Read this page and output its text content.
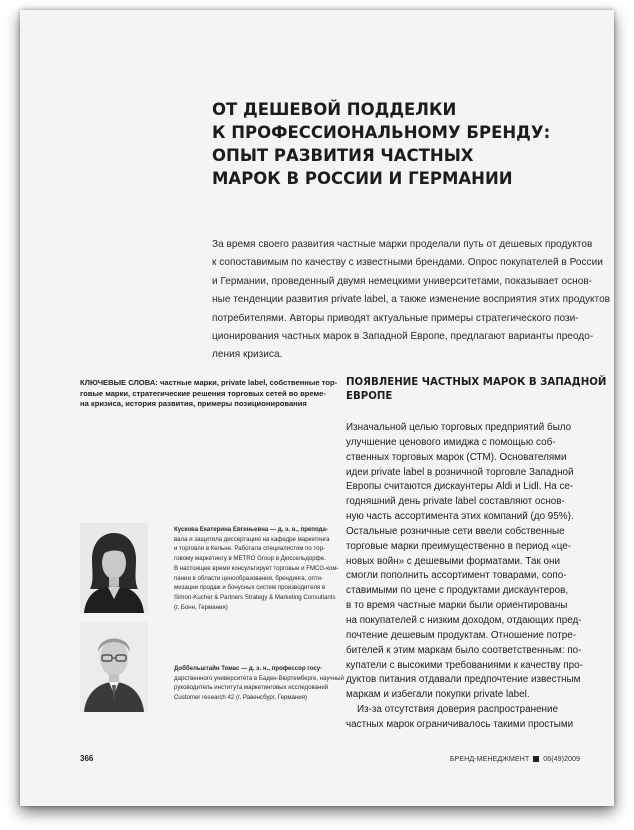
ОТ ДЕШЕВОЙ ПОДДЕЛКИ
К ПРОФЕССИОНАЛЬНОМУ БРЕНДУ:
ОПЫТ РАЗВИТИЯ ЧАСТНЫХ
МАРОК В РОССИИ И ГЕРМАНИИ
За время своего развития частные марки проделали путь от дешевых продуктов
к сопоставимым по качеству с известными брендами. Опрос покупателей в России
и Германии, проведенный двумя немецкими университетами, показывает основ-
ные тенденции развития private label, а также изменение восприятия этих продуктов
потребителями. Авторы приводят актуальные примеры стратегического пози-
ционирования частных марок в Западной Европе, предлагают варианты преодо-
ления кризиса.
КЛЮЧЕВЫЕ СЛОВА: частные марки, private label, собственные тор-
говые марки, стратегические решения торговых сетей во време-
на кризиса, история развития, примеры позиционирования
ПОЯВЛЕНИЕ ЧАСТНЫХ МАРОК В ЗАПАДНОЙ
ЕВРОПЕ
Изначальной целью торговых предприятий было
улучшение ценового имиджа с помощью соб-
ственных торговых марок (СТМ). Основателями
идеи private label в розничной торговле Западной
Европы считаются дискаунтеры Aldi и Lidl. На се-
годняшний день private label составляют основ-
ную часть ассортимента этих компаний (до 95%).
Остальные розничные сети ввели собственные
торговые марки преимущественно в период «це-
новых войн» с дешевыми форматами. Так они
смогли пополнить ассортимент товарами, сопо-
ставимыми по цене с продуктами дискаунтеров,
в то время частные марки были ориентированы
на покупателей с низким доходом, отдающих пред-
почтение дешевым продуктам. Отношение потре-
бителей к этим маркам было соответственным: по-
купатели с высокими требованиями к качеству про-
дуктов питания отдавали предпочтение известным
маркам и избегали покупки private label.
Из-за отсутствия доверия распространение
частных марок ограничивалось такими простыми
Кускова Екатерина Евгеньевна — д. э. н., препода-
вала и защитила диссертацию на кафедре маркетинга
и торговли в Кельне. Работала специалистом по тор-
говому маркетингу в METRO Group в Дюссельдорфе.
В настоящее время консультирует торговые и FMCG-ком-
пании в области ценообразования, брендинга, опти-
мизации продаж и бонусных систем производителя в
Simon-Kucher & Partners Strategy & Marketing Consultants
(г. Бонн, Германия)
Доббельштайн Томас — д. э. н., профессор госу-
дарственного университета в Баден-Вюртемберге, научный
руководитель института маркетинговых исследований
Customer research 42 (г. Равенсбург, Германия)
366	БРЕНД-МЕНЕДЖМЕНТ 06(49)2009
